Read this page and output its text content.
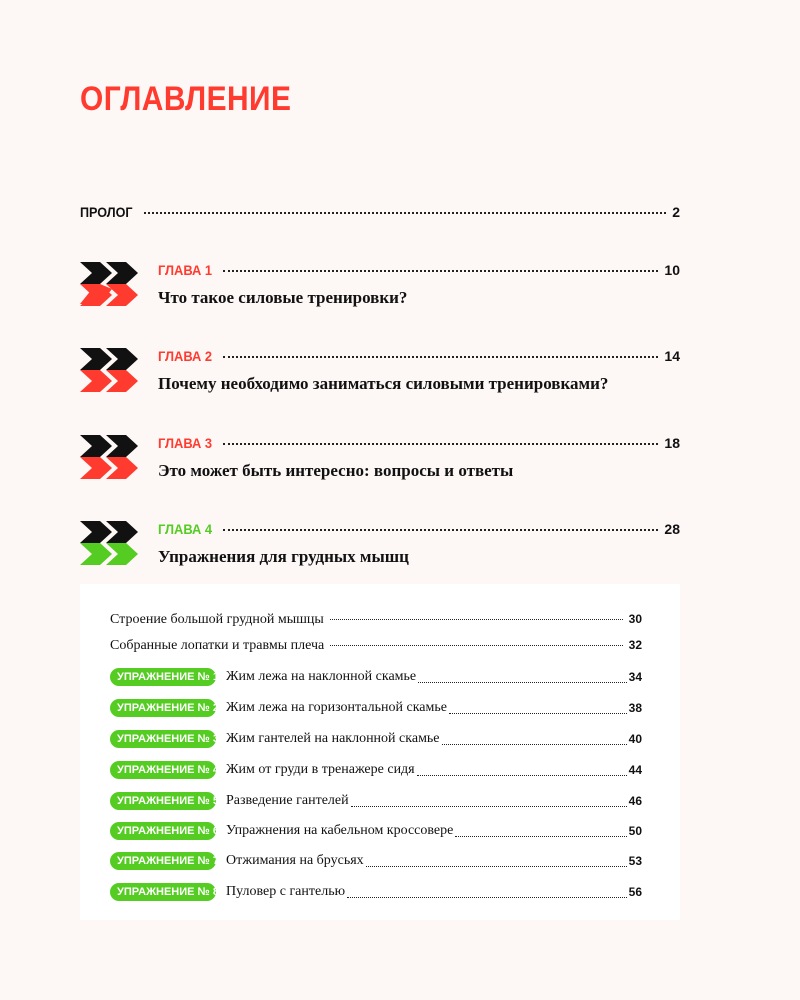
ОГЛАВЛЕНИЕ
ПРОЛОГ	2
ГЛАВА 1	10
Что такое силовые тренировки?
ГЛАВА 2	14
Почему необходимо заниматься силовыми тренировками?
ГЛАВА 3	18
Это может быть интересно: вопросы и ответы
ГЛАВА 4	28
Упражнения для грудных мышц
Строение большой грудной мышцы	30
Собранные лопатки и травмы плеча	32
УПРАЖНЕНИЕ № 1 Жим лежа на наклонной скамье	34
УПРАЖНЕНИЕ № 2 Жим лежа на горизонтальной скамье	38
УПРАЖНЕНИЕ № 3 Жим гантелей на наклонной скамье	40
УПРАЖНЕНИЕ № 4 Жим от груди в тренажере сидя	44
УПРАЖНЕНИЕ № 5 Разведение гантелей	46
УПРАЖНЕНИЕ № 6 Упражнения на кабельном кроссовере	50
УПРАЖНЕНИЕ № 7 Отжимания на брусьях	53
УПРАЖНЕНИЕ № 8 Пуловер с гантелью	56
